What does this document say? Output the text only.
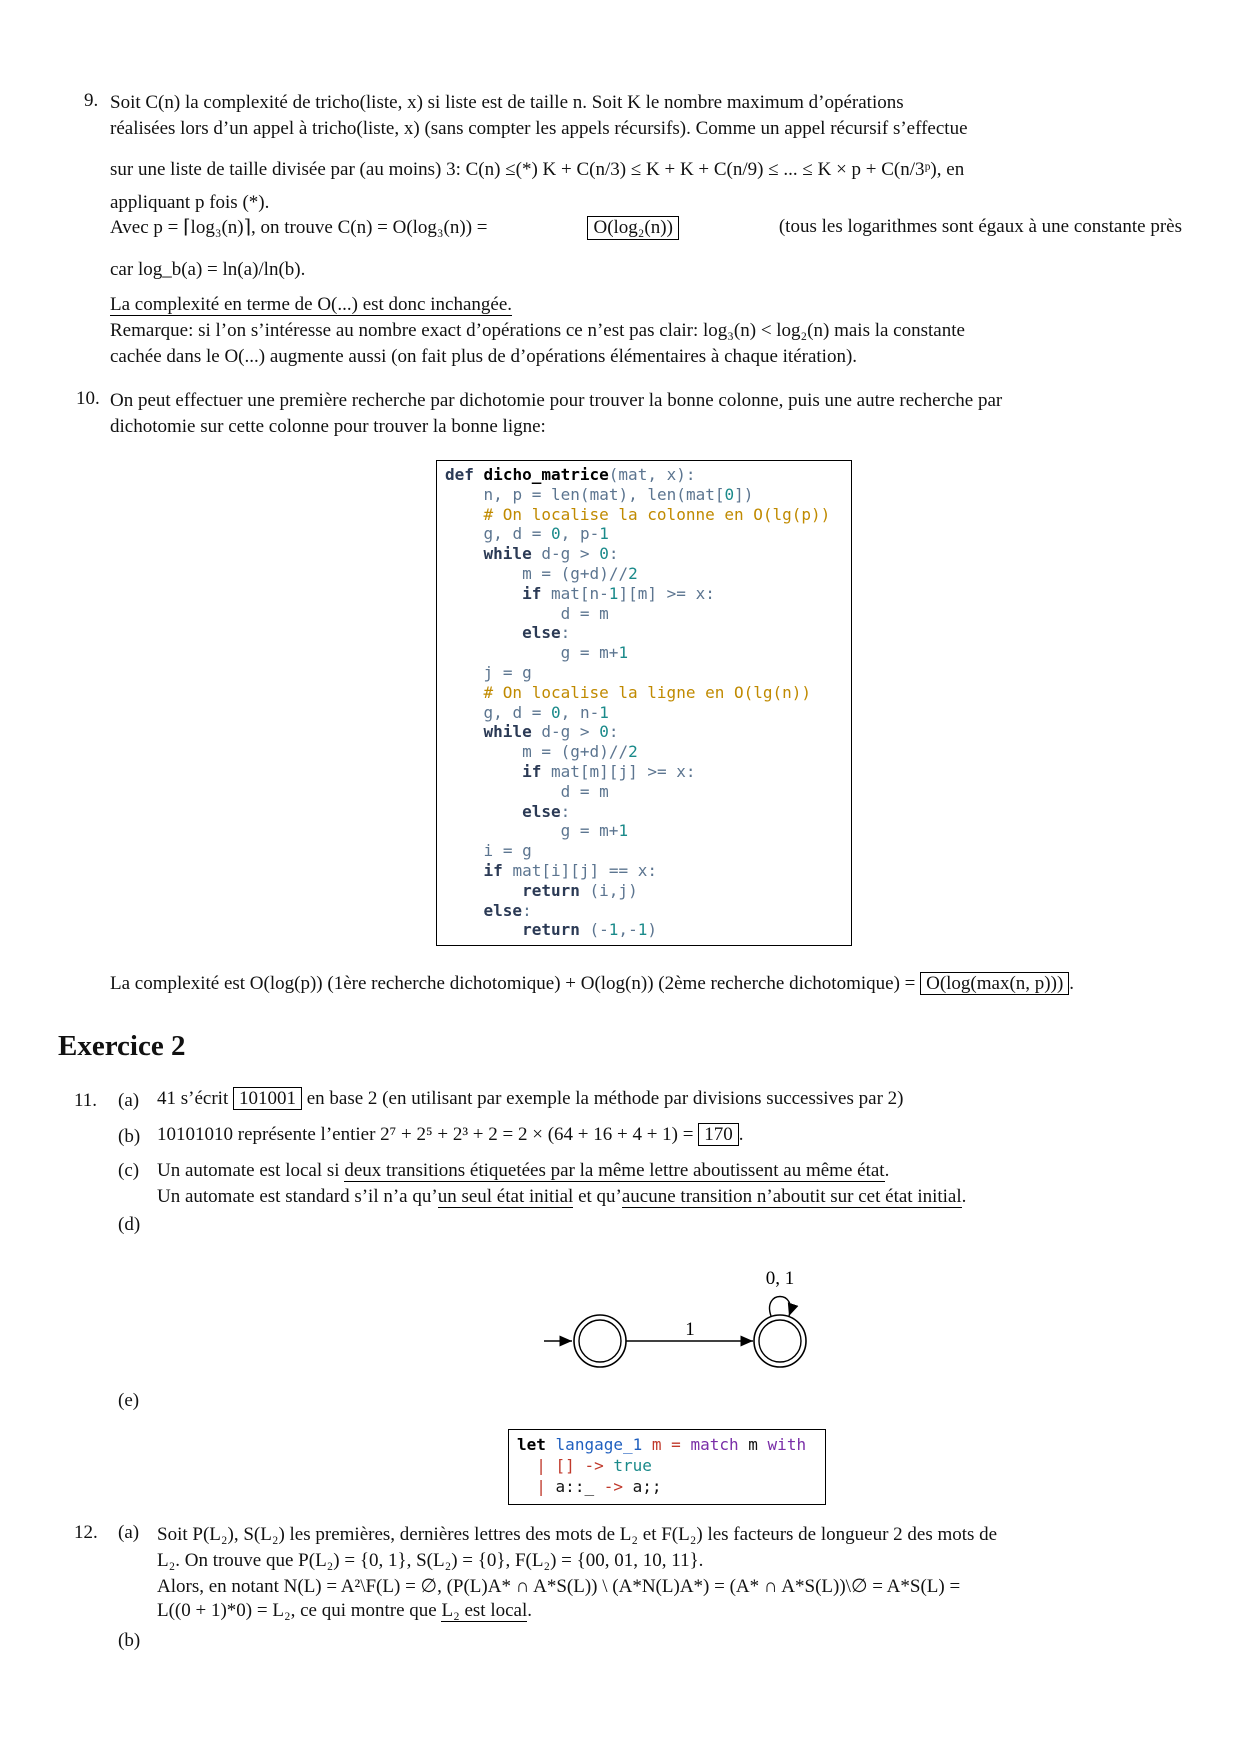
9. Soit C(n) la complexité de tricho(liste, x) si liste est de taille n. Soit K le nombre maximum d’opérations
réalisées lors d’un appel à tricho(liste, x) (sans compter les appels récursifs). Comme un appel récursif s’effectue
sur une liste de taille divisée par (au moins) 3: C(n) ≤(*) K + C(n/3) ≤ K + K + C(n/9) ≤ ... ≤ K × p + C(n/3ᵖ), en
appliquant p fois (*).
Avec p = ⌈log₃(n)⌉, on trouve C(n) = O(log₃(n)) =	O(log₂(n))	(tous les logarithmes sont égaux à une constante près
car log_b(a) = ln(a)/ln(b).
La complexité en terme de O(...) est donc inchangée.
Remarque: si l’on s’intéresse au nombre exact d’opérations ce n’est pas clair: log₃(n) < log₂(n) mais la constante
cachée dans le O(...) augmente aussi (on fait plus de d’opérations élémentaires à chaque itération).
10. On peut effectuer une première recherche par dichotomie pour trouver la bonne colonne, puis une autre recherche par
dichotomie sur cette colonne pour trouver la bonne ligne:
def dicho_matrice(mat, x):
n, p = len(mat), len(mat[0])
# On localise la colonne en O(lg(p))
g, d = 0, p-1
while d-g > 0:
m = (g+d)//2
if mat[n-1][m] >= x:
d = m
else:
g = m+1
j = g
# On localise la ligne en O(lg(n))
g, d = 0, n-1
while d-g > 0:
m = (g+d)//2
if mat[m][j] >= x:
d = m
else:
g = m+1
i = g
if mat[i][j] == x:
return (i,j)
else:
return (-1,-1)
La complexité est O(log(p)) (1ère recherche dichotomique) + O(log(n)) (2ème recherche dichotomique) = O(log(max(n, p))) .
Exercice 2
11. (a) 41 s’écrit 101001 en base 2 (en utilisant par exemple la méthode par divisions successives par 2)
(b) 10101010 représente l’entier 2⁷ + 2⁵ + 2³ + 2 = 2 × (64 + 16 + 4 + 1) = 170 .
(c) Un automate est local si deux transitions étiquetées par la même lettre aboutissent au même état.
Un automate est standard s’il n’a qu’un seul état initial et qu’aucune transition n’aboutit sur cet état initial.
(d)
1
0, 1
(e)
let langage_1 m = match m with
| [] -> true
| a::_ -> a;;
12. (a) Soit P(L₂), S(L₂) les premières, dernières lettres des mots de L₂ et F(L₂) les facteurs de longueur 2 des mots de
L₂. On trouve que P(L₂) = {0, 1}, S(L₂) = {0}, F(L₂) = {00, 01, 10, 11}.
Alors, en notant N(L) = A²\F(L) = ∅, (P(L)A* ∩ A*S(L)) \ (A*N(L)A*) = (A* ∩ A*S(L))\∅ = A*S(L) =
L((0 + 1)*0) = L₂, ce qui montre que L₂ est local.
(b)
